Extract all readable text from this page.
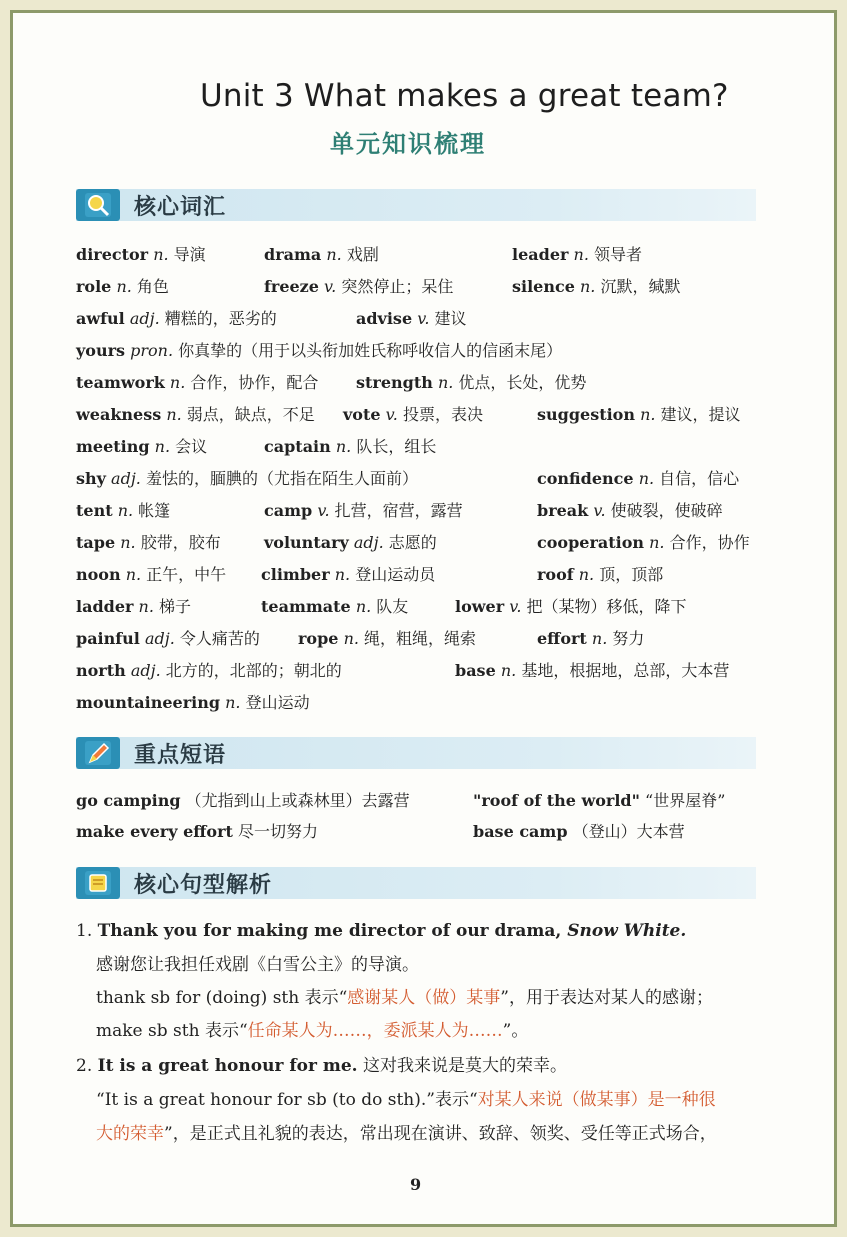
Unit 3 What makes a great team?
单元知识梳理
核心词汇
director n. 导演	drama n. 戏剧	leader n. 领导者
role n. 角色	freeze v. 突然停止；呆住	silence n. 沉默，缄默
awful adj. 糟糕的，恶劣的	advise v. 建议
yours pron. 你真挚的（用于以头衔加姓氏称呼收信人的信函末尾）
teamwork n. 合作，协作，配合 strength n. 优点，长处，优势
weakness n. 弱点，缺点，不足 vote v. 投票，表决	suggestion n. 建议，提议
meeting n. 会议	captain n. 队长，组长
shy adj. 羞怯的，腼腆的（尤指在陌生人面前）	confidence n. 自信，信心
tent n. 帐篷	camp v. 扎营，宿营，露营	break v. 使破裂，使破碎
tape n. 胶带，胶布	voluntary adj. 志愿的	cooperation n. 合作，协作
noon n. 正午，中午 climber n. 登山运动员	roof n. 顶，顶部
ladder n. 梯子	teammate n. 队友	lower v. 把（某物）移低，降下
painful adj. 令人痛苦的 rope n. 绳，粗绳，绳索	effort n. 努力
north adj. 北方的，北部的；朝北的	base n. 基地，根据地，总部，大本营
mountaineering n. 登山运动
重点短语
go camping （尤指到山上或森林里）去露营	"roof of the world" “世界屋脊”
make every effort 尽一切努力	base camp （登山）大本营
核心句型解析
1. Thank you for making me director of our drama, Snow White.
感谢您让我担任戏剧《白雪公主》的导演。
thank sb for (doing) sth 表示“感谢某人（做）某事”，用于表达对某人的感谢；
make sb sth 表示“任命某人为……，委派某人为……”。
2. It is a great honour for me. 这对我来说是莫大的荣幸。
“It is a great honour for sb (to do sth).”表示“对某人来说（做某事）是一种很
大的荣幸”，是正式且礼貌的表达，常出现在演讲、致辞、领奖、受任等正式场合，
9
